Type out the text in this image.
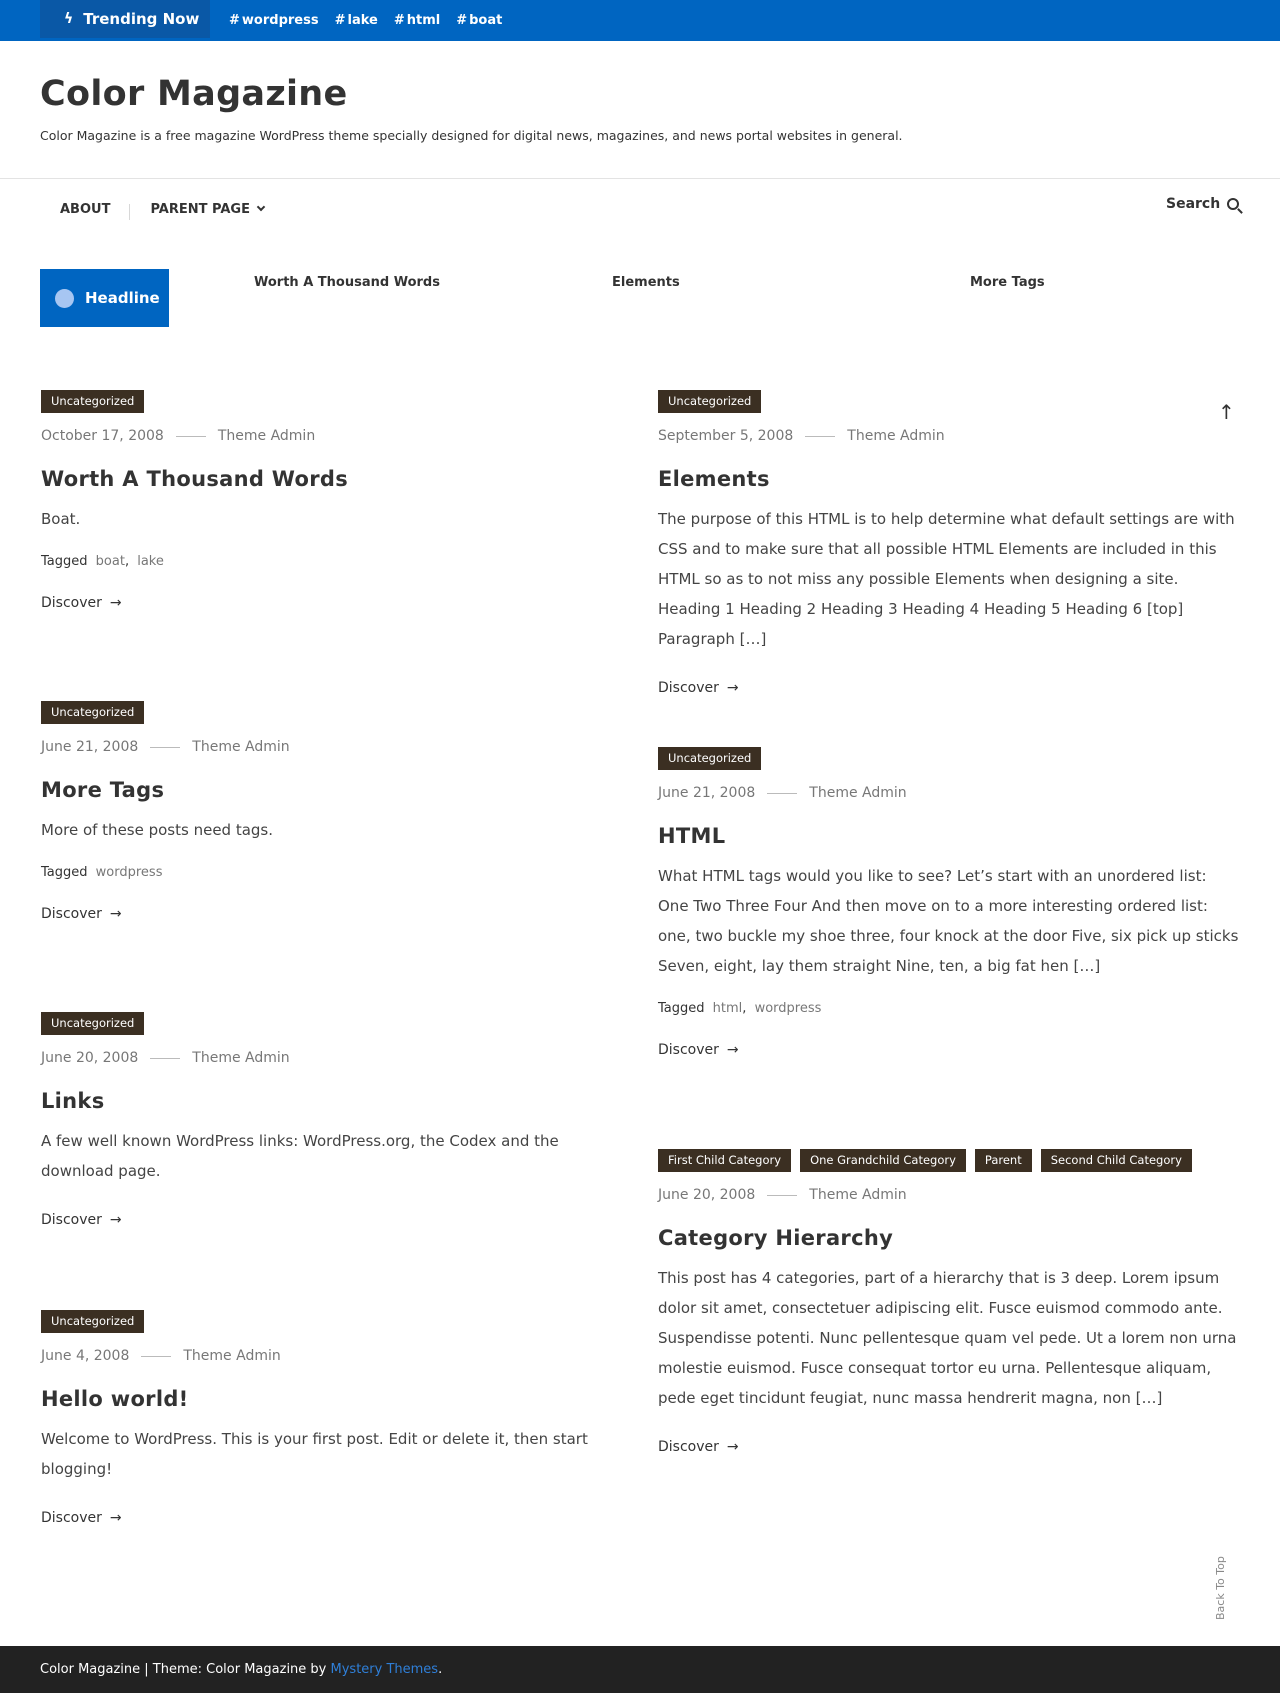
ϟ Trending Now # wordpress # lake # html # boat
Color Magazine
Color Magazine is a free magazine WordPress theme specially designed for digital news, magazines, and news portal websites in general.
ABOUT	PARENT PAGE	Search
Headline
Worth A Thousand Words	Elements	More Tags
Uncategorized
October 17, 2008	Theme Admin
Worth A Thousand Words

Boat.

Tagged boat, lake
Discover →
Uncategorized
September 5, 2008	Theme Admin
Elements

The purpose of this HTML is to help determine what default settings are with CSS and to make sure that all possible HTML Elements are included in this HTML so as to not miss any possible Elements when designing a site. Heading 1 Heading 2 Heading 3 Heading 4 Heading 5 Heading 6 [top] Paragraph […]

Discover →
Uncategorized
June 21, 2008	Theme Admin
More Tags

More of these posts need tags.

Tagged wordpress
Discover →
Uncategorized
June 21, 2008	Theme Admin
HTML

What HTML tags would you like to see? Let’s start with an unordered list: One Two Three Four And then move on to a more interesting ordered list: one, two buckle my shoe three, four knock at the door Five, six pick up sticks Seven, eight, lay them straight Nine, ten, a big fat hen […]

Tagged html, wordpress
Discover →
Uncategorized
June 20, 2008	Theme Admin
Links

A few well known WordPress links: WordPress.org, the Codex and the download page.

Discover →
First Child Category	One Grandchild Category	Parent	Second Child Category
June 20, 2008	Theme Admin
Category Hierarchy

This post has 4 categories, part of a hierarchy that is 3 deep. Lorem ipsum dolor sit amet, consectetuer adipiscing elit. Fusce euismod commodo ante. Suspendisse potenti. Nunc pellentesque quam vel pede. Ut a lorem non urna molestie euismod. Fusce consequat tortor eu urna. Pellentesque aliquam, pede eget tincidunt feugiat, nunc massa hendrerit magna, non […]

Discover →
Uncategorized
June 4, 2008	Theme Admin
Hello world!

Welcome to WordPress. This is your first post. Edit or delete it, then start blogging!

Discover →
↑
Back To Top
Color Magazine | Theme: Color Magazine by
Mystery Themes .
